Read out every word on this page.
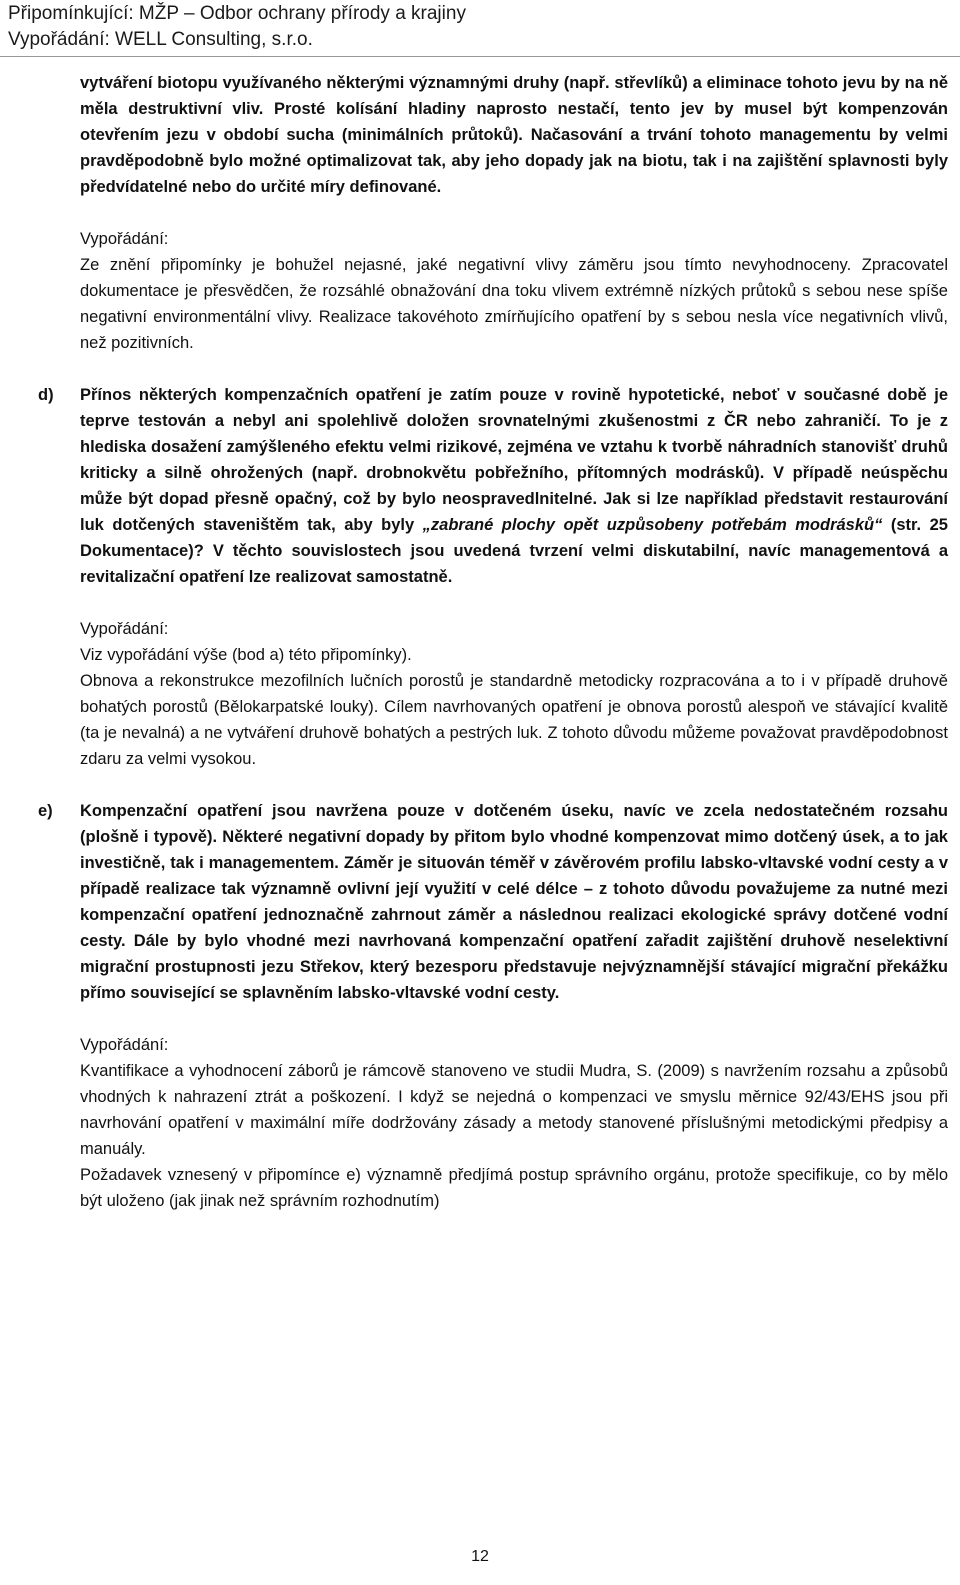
Připomínkující: MŽP – Odbor ochrany přírody a krajiny
Vypořádání: WELL Consulting, s.r.o.

vytváření biotopu využívaného některými významnými druhy (např. střevlíků) a eliminace tohoto jevu by na ně měla destruktivní vliv. Prosté kolísání hladiny naprosto nestačí, tento jev by musel být kompenzován otevřením jezu v období sucha (minimálních průtoků). Načasování a trvání tohoto managementu by velmi pravděpodobně bylo možné optimalizovat tak, aby jeho dopady jak na biotu, tak i na zajištění splavnosti byly předvídatelné nebo do určité míry definované.

Vypořádání:

Ze znění připomínky je bohužel nejasné, jaké negativní vlivy záměru jsou tímto nevyhodnoceny. Zpracovatel dokumentace je přesvědčen, že rozsáhlé obnažování dna toku vlivem extrémně nízkých průtoků s sebou nese spíše negativní environmentální vlivy. Realizace takovéhoto zmírňujícího opatření by s sebou nesla více negativních vlivů, než pozitivních.

d) Přínos některých kompenzačních opatření je zatím pouze v rovině hypotetické, neboť v současné době je teprve testován a nebyl ani spolehlivě doložen srovnatelnými zkušenostmi z ČR nebo zahraničí. To je z hlediska dosažení zamýšleného efektu velmi rizikové, zejména ve vztahu k tvorbě náhradních stanovišť druhů kriticky a silně ohrožených (např. drobnokvětu pobřežního, přítomných modrásků). V případě neúspěchu může být dopad přesně opačný, což by bylo neospravedlnitelné. Jak si lze například představit restaurování luk dotčených staveništěm tak, aby byly „zabrané plochy opět uzpůsobeny potřebám modrásků“ (str. 25 Dokumentace)? V těchto souvislostech jsou uvedená tvrzení velmi diskutabilní, navíc managementová a revitalizační opatření lze realizovat samostatně.

Vypořádání:

Viz vypořádání výše (bod a) této připomínky).

Obnova a rekonstrukce mezofilních lučních porostů je standardně metodicky rozpracována a to i v případě druhově bohatých porostů (Bělokarpatské louky). Cílem navrhovaných opatření je obnova porostů alespoň ve stávající kvalitě (ta je nevalná) a ne vytváření druhově bohatých a pestrých luk. Z tohoto důvodu můžeme považovat pravděpodobnost zdaru za velmi vysokou.

e) Kompenzační opatření jsou navržena pouze v dotčeném úseku, navíc ve zcela nedostatečném rozsahu (plošně i typově). Některé negativní dopady by přitom bylo vhodné kompenzovat mimo dotčený úsek, a to jak investičně, tak i managementem. Záměr je situován téměř v závěrovém profilu labsko-vltavské vodní cesty a v případě realizace tak významně ovlivní její využití v celé délce – z tohoto důvodu považujeme za nutné mezi kompenzační opatření jednoznačně zahrnout záměr a následnou realizaci ekologické správy dotčené vodní cesty. Dále by bylo vhodné mezi navrhovaná kompenzační opatření zařadit zajištění druhově neselektivní migrační prostupnosti jezu Střekov, který bezesporu představuje nejvýznamnější stávající migrační překážku přímo související se splavněním labsko-vltavské vodní cesty.

Vypořádání:

Kvantifikace a vyhodnocení záborů je rámcově stanoveno ve studii Mudra, S. (2009) s navržením rozsahu a způsobů vhodných k nahrazení ztrát a poškození. I když se nejedná o kompenzaci ve smyslu měrnice 92/43/EHS jsou při navrhování opatření v maximální míře dodržovány zásady a metody stanovené příslušnými metodickými předpisy a manuály.

Požadavek vznesený v připomínce e) významně předjímá postup správního orgánu, protože specifikuje, co by mělo být uloženo (jak jinak než správním rozhodnutím)

12
